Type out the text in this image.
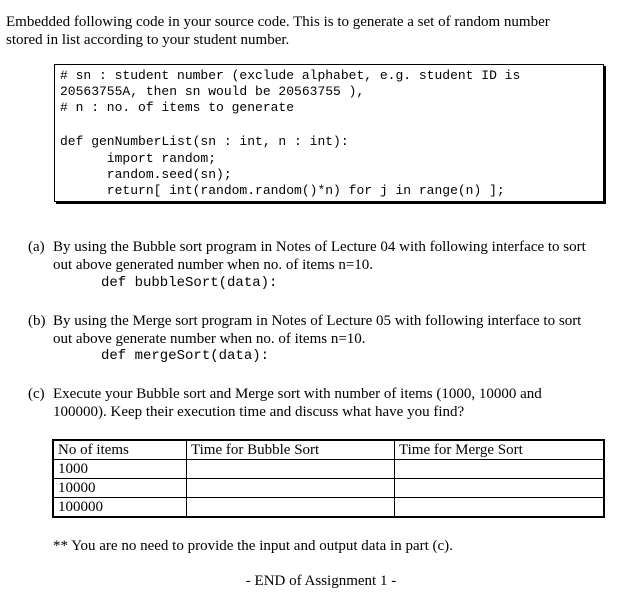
Embedded following code in your source code. This is to generate a set of random number
stored in list according to your student number.
# sn : student number (exclude alphabet, e.g. student ID is
20563755A, then sn would be 20563755 ),
# n : no. of items to generate
def genNumberList(sn : int, n : int):
import random;
random.seed(sn);
return[ int(random.random()*n) for j in range(n) ];
(a) By using the Bubble sort program in Notes of Lecture 04 with following interface to sort
out above generated number when no. of items n=10.
def bubbleSort(data):
(b) By using the Merge sort program in Notes of Lecture 05 with following interface to sort
out above generate number when no. of items n=10.
def mergeSort(data):
(c) Execute your Bubble sort and Merge sort with number of items (1000, 10000 and
100000). Keep their execution time and discuss what have you find?
No of items	Time for Bubble Sort	Time for Merge Sort
1000		
10000		
100000		
** You are no need to provide the input and output data in part (c).
- END of Assignment 1 -
